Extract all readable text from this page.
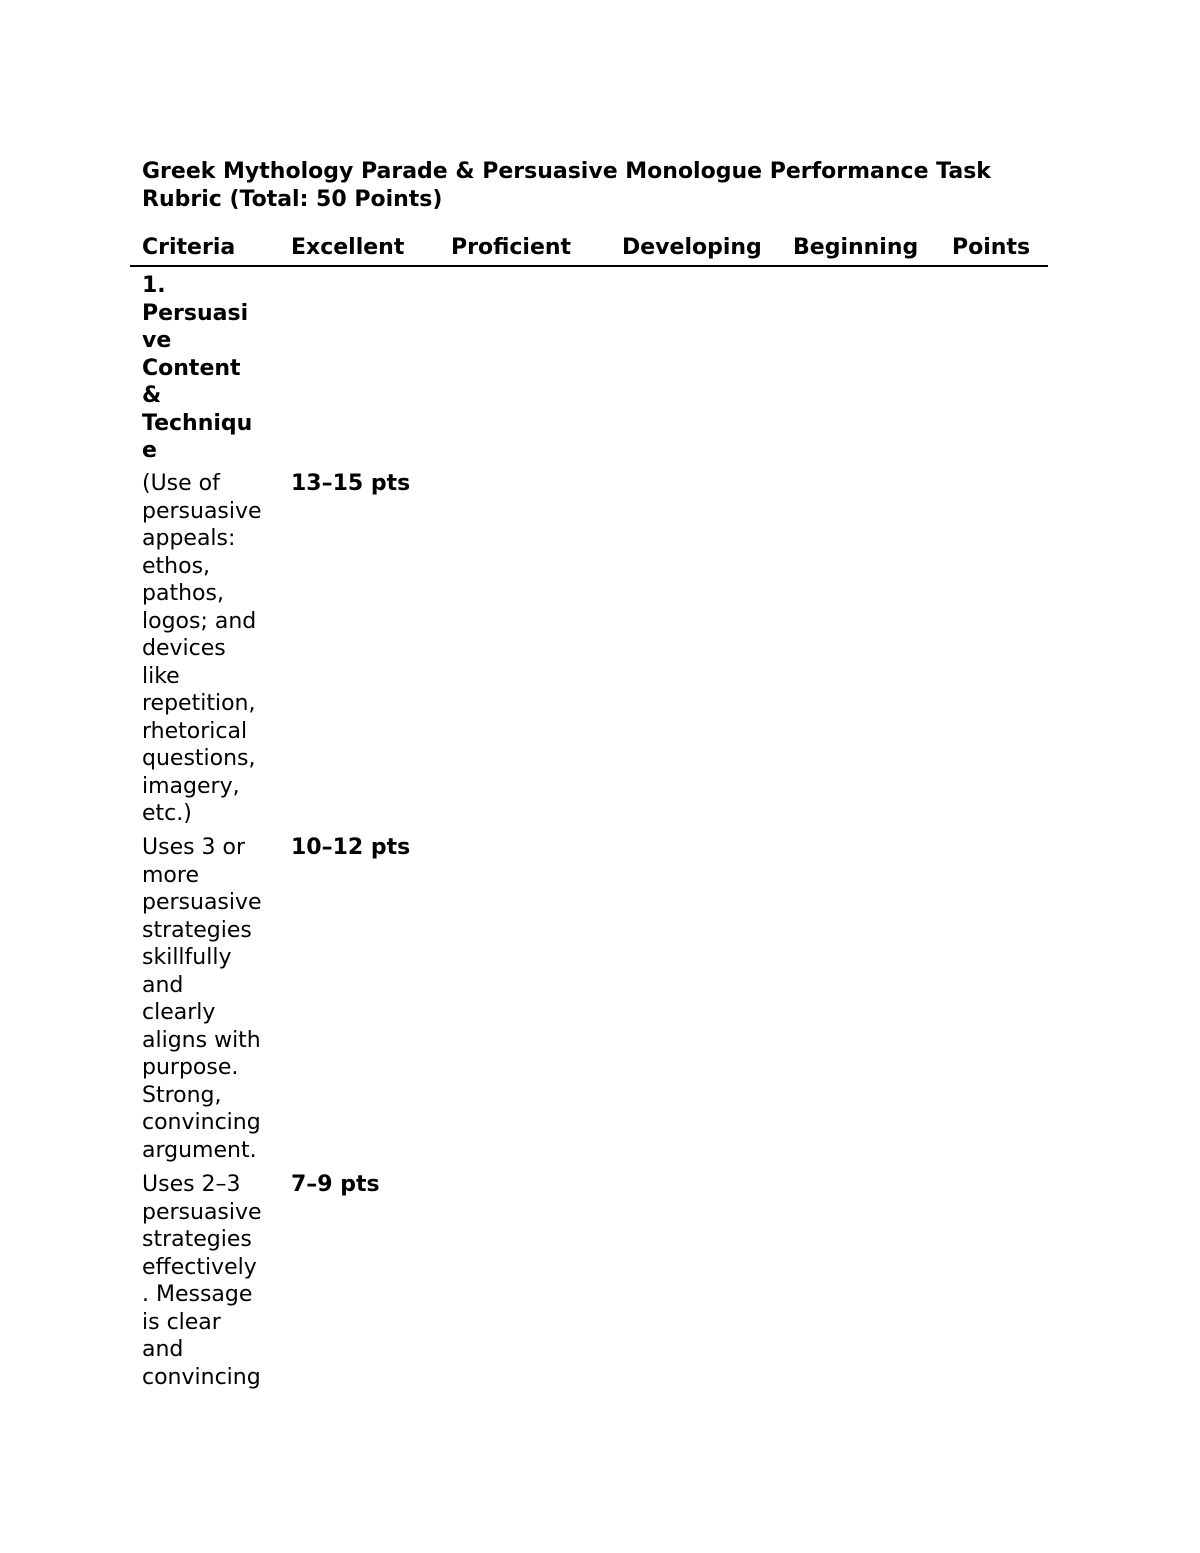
Greek Mythology Parade & Persuasive Monologue Performance Task
Rubric (Total: 50 Points)
Criteria	Excellent Proficient Developing Beginning Points
1.
Persuasi
ve
Content
&
Techniqu
e
(Use of
persuasive
appeals:
ethos,
pathos,
logos; and
devices
like
repetition,
rhetorical
questions,
imagery,
etc.)
13–15 pts
Uses 3 or
more
persuasive
strategies
skillfully
and
clearly
aligns with
purpose.
Strong,
convincing
argument.
10–12 pts
Uses 2–3
persuasive
strategies
effectively
. Message
is clear
and
convincing
7–9 pts
